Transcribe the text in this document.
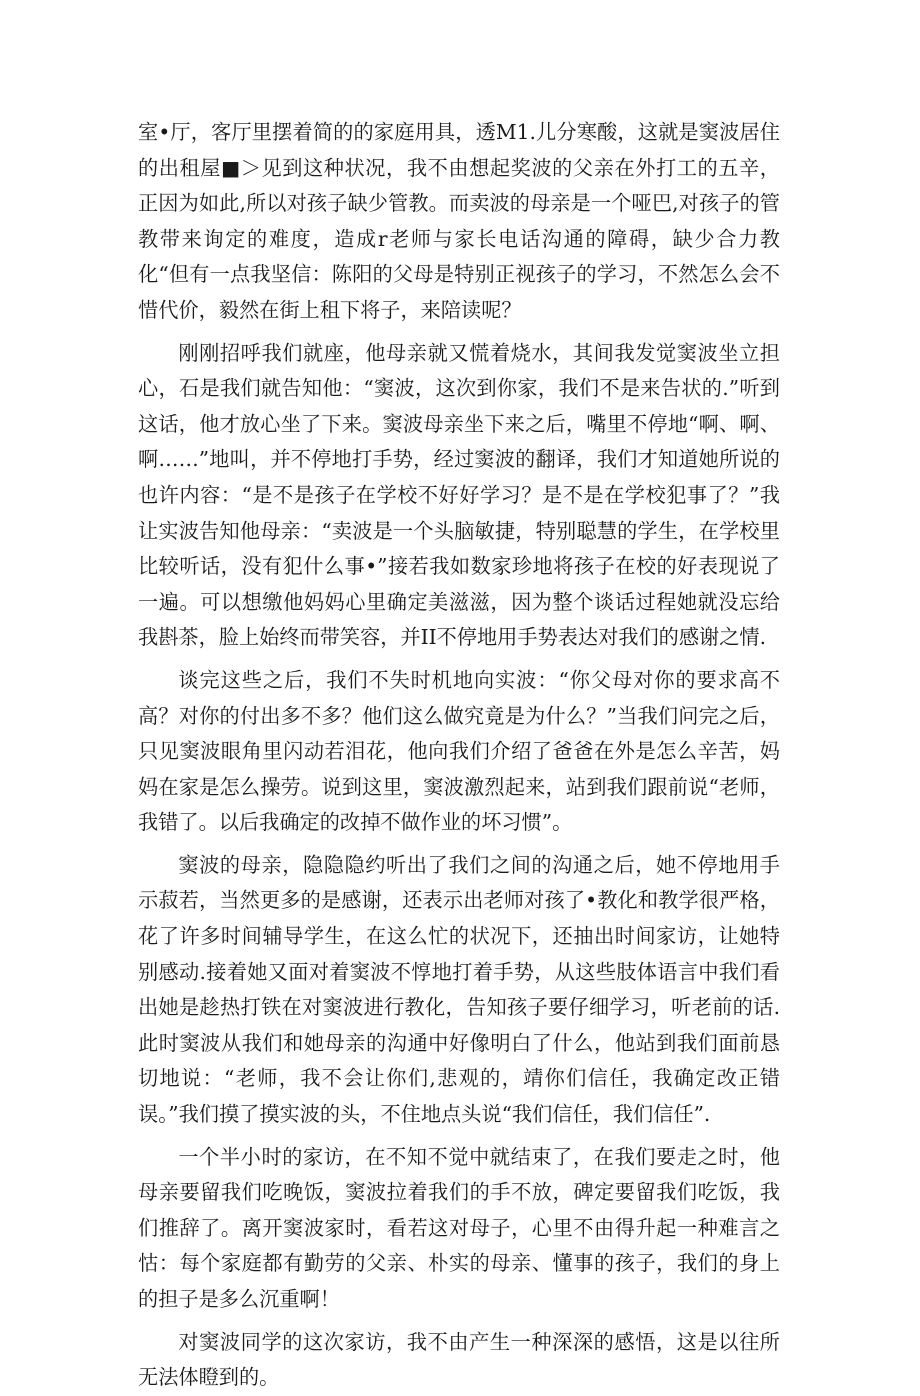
室•厅，客厅里摆着简的的家庭用具，透M1.儿分寒酸，这就是窦波居住的出租屋■＞见到这种状况，我不由想起奖波的父亲在外打工的五辛，正因为如此,所以对孩子缺少管教。而卖波的母亲是一个哑巴,对孩子的管教带来询定的难度，造成r老师与家长电话沟通的障碍，缺少合力教化“但有一点我坚信：陈阳的父母是特别正视孩子的学习，不然怎么会不惜代价，毅然在街上租下将子，来陪读呢？

刚刚招呼我们就座，他母亲就又慌着烧水，其间我发觉窦波坐立担心，石是我们就告知他：“窦波，这次到你家，我们不是来告状的.”听到这话，他才放心坐了下来。窦波母亲坐下来之后，嘴里不停地“啊、啊、啊……”地叫，并不停地打手势，经过窦波的翻译，我们才知道她所说的也许内容：“是不是孩子在学校不好好学习？是不是在学校犯事了？”我让实波告知他母亲：“卖波是一个头脑敏捷，特别聪慧的学生，在学校里比较听话，没有犯什么事•”接若我如数家珍地将孩子在校的好表现说了一遍。可以想缴他妈妈心里确定美滋滋，因为整个谈话过程她就没忘给我斟茶，脸上始终而带笑容，并II不停地用手势表达对我们的感谢之情.

谈完这些之后，我们不失时机地向实波：“你父母对你的要求高不高？对你的付出多不多？他们这么做究竟是为什么？”当我们问完之后，只见窦波眼角里闪动若泪花，他向我们介绍了爸爸在外是怎么辛苦，妈妈在家是怎么操劳。说到这里，窦波激烈起来，站到我们跟前说“老师，我错了。以后我确定的改掉不做作业的坏习惯”。

窦波的母亲，隐隐隐约听出了我们之间的沟通之后，她不停地用手示菽若，当然更多的是感谢，还表示出老师对孩了•教化和教学很严格，花了许多时间辅导学生，在这么忙的状况下，还抽出时间家访，让她特别感动.接着她又面对着窦波不惇地打着手势，从这些肢体语言中我们看出她是趁热打铁在对窦波进行教化，告知孩子要仔细学习，听老前的话.此时窦波从我们和她母亲的沟通中好像明白了什么，他站到我们面前恳切地说：“老师，我不会让你们,悲观的，靖你们信任，我确定改正错误。”我们摸了摸实波的头，不住地点头说“我们信任，我们信任”.

一个半小时的家访，在不知不觉中就结束了，在我们要走之时，他母亲要留我们吃晚饭，窦波拉着我们的手不放，碑定要留我们吃饭，我们推辞了。离开窦波家时，看若这对母子，心里不由得升起一种难言之怙：每个家庭都有勤劳的父亲、朴实的母亲、懂事的孩子，我们的身上的担子是多么沉重啊！

对窦波同学的这次家访，我不由产生一种深深的感悟，这是以往所无法体瞪到的。
